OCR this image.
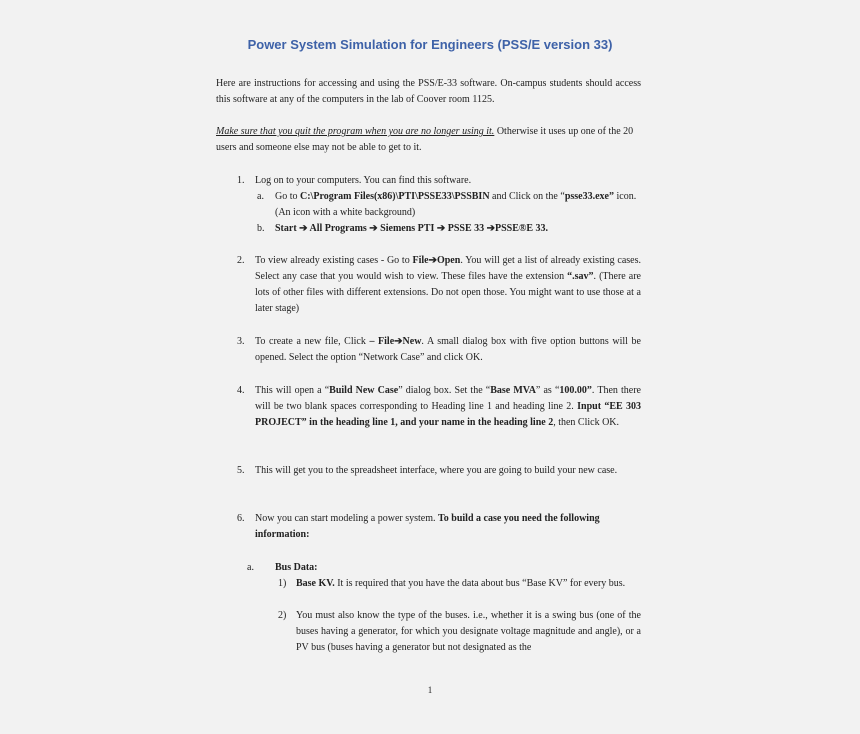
Power System Simulation for Engineers (PSS/E version 33)

Here are instructions for accessing and using the PSS/E-33 software. On-campus students should access this software at any of the computers in the lab of Coover room 1125.

Make sure that you quit the program when you are no longer using it. Otherwise it uses up one of the 20 users and someone else may not be able to get to it.

1. Log on to your computers. You can find this software.

a. Go to C:\Program Files(x86)\PTI\PSSE33\PSSBIN and Click on the “psse33.exe” icon. (An icon with a white background)

b. Start ➔ All Programs ➔ Siemens PTI ➔ PSSE 33 ➔PSSE®E 33.

2. To view already existing cases - Go to File➔Open. You will get a list of already existing cases. Select any case that you would wish to view. These files have the extension “.sav”. (There are lots of other files with different extensions. Do not open those. You might want to use those at a later stage)

3. To create a new file, Click – File➔New. A small dialog box with five option buttons will be opened. Select the option “Network Case” and click OK.

4. This will open a “Build New Case” dialog box. Set the “Base MVA” as “100.00”. Then there will be two blank spaces corresponding to Heading line 1 and heading line 2. Input “EE 303 PROJECT” in the heading line 1, and your name in the heading line 2, then Click OK.

5. This will get you to the spreadsheet interface, where you are going to build your new case.

6. Now you can start modeling a power system. To build a case you need the following information:

a. Bus Data:
1) Base KV. It is required that you have the data about bus “Base KV” for every bus.

2) You must also know the type of the buses. i.e., whether it is a swing bus (one of the buses having a generator, for which you designate voltage magnitude and angle), or a PV bus (buses having a generator but not designated as the

1
